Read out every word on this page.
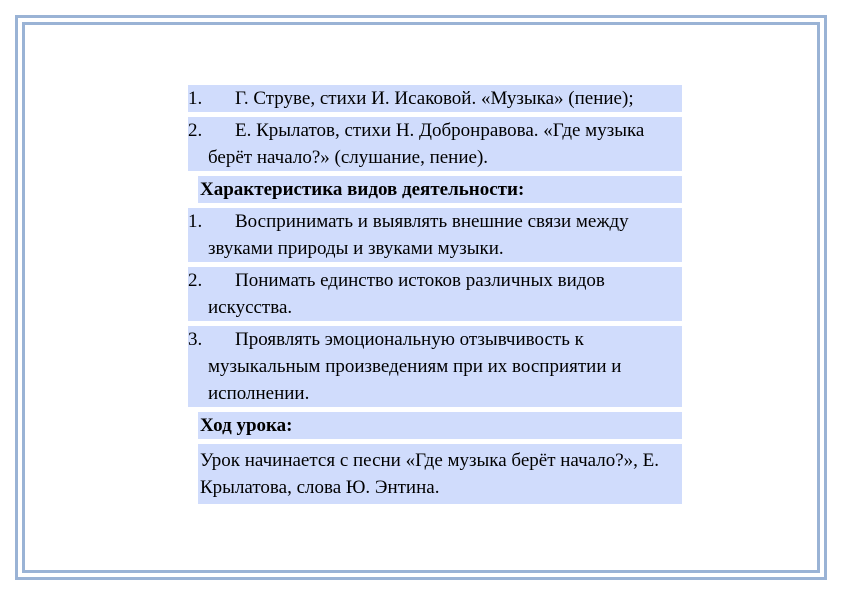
1.	Г. Струве, стихи И. Исаковой. «Музыка» (пение);
2.	Е. Крылатов, стихи Н. Добронравова. «Где музыка берёт начало?» (слушание, пение).
Характеристика видов деятельности:
1.	Воспринимать и выявлять внешние связи между звуками природы и звуками музыки.
2.	Понимать единство истоков различных видов искусства.
3.	Проявлять эмоциональную отзывчивость к музыкальным произведениям при их восприятии и исполнении.
Ход урока:
Урок начинается с песни «Где музыка берёт начало?», Е. Крылатова, слова Ю. Энтина.
